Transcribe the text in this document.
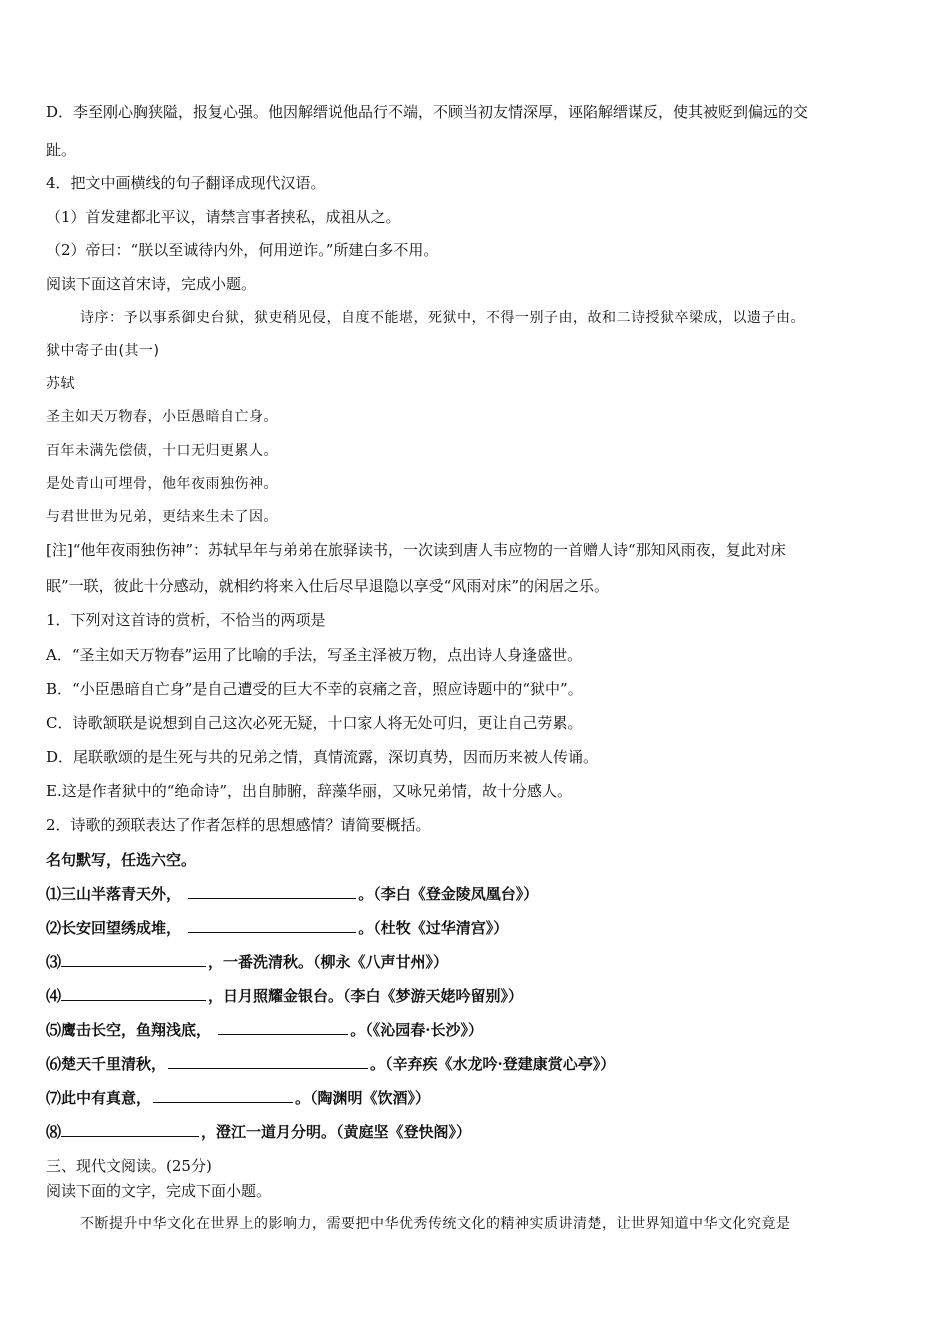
D．李至刚心胸狭隘，报复心强。他因解缙说他品行不端，不顾当初友情深厚，诬陷解缙谋反，使其被贬到偏远的交
趾。
4．把文中画横线的句子翻译成现代汉语。
（1）首发建都北平议，请禁言事者挟私，成祖从之。
（2）帝曰：“朕以至诚待内外，何用逆诈。”所建白多不用。
阅读下面这首宋诗，完成小题。
诗序：予以事系御史台狱，狱吏稍见侵，自度不能堪，死狱中，不得一别子由，故和二诗授狱卒梁成，以遗子由。
狱中寄子由(其一)
苏轼
圣主如天万物春，小臣愚暗自亡身。
百年未满先偿债，十口无归更累人。
是处青山可埋骨，他年夜雨独伤神。
与君世世为兄弟，更结来生未了因。
[注]“他年夜雨独伤神”：苏轼早年与弟弟在旅驿读书，一次读到唐人韦应物的一首赠人诗“那知风雨夜，复此对床
眠”一联，彼此十分感动，就相约将来入仕后尽早退隐以享受“风雨对床”的闲居之乐。
1．下列对这首诗的赏析，不恰当的两项是
A．“圣主如天万物春”运用了比喻的手法，写圣主泽被万物，点出诗人身逢盛世。
B．“小臣愚暗自亡身”是自己遭受的巨大不幸的哀痛之音，照应诗题中的“狱中”。
C．诗歌颔联是说想到自己这次必死无疑，十口家人将无处可归，更让自己劳累。
D．尾联歌颂的是生死与共的兄弟之情，真情流露，深切真势，因而历来被人传诵。
E.这是作者狱中的“绝命诗”，出自肺腑，辞藻华丽，又咏兄弟情，故十分感人。
2．诗歌的颈联表达了作者怎样的思想感情？请简要概括。
名句默写，任选六空。
⑴三山半落青天外，	。（李白《登金陵凤凰台》）
⑵长安回望绣成堆，	。（杜牧《过华清宫》）
⑶	，一番洗清秋。（柳永《八声甘州》）
⑷	，日月照耀金银台。（李白《梦游天姥吟留别》）
⑸鹰击长空，鱼翔浅底，	。（《沁园春·长沙》）
⑹楚天千里清秋，	。（辛弃疾《水龙吟·登建康赏心亭》）
⑺此中有真意，	。（陶渊明《饮酒》）
⑻	，澄江一道月分明。（黄庭坚《登快阁》）
三、现代文阅读。(25分)
阅读下面的文字，完成下面小题。
不断提升中华文化在世界上的影响力，需要把中华优秀传统文化的精神实质讲清楚，让世界知道中华文化究竟是
